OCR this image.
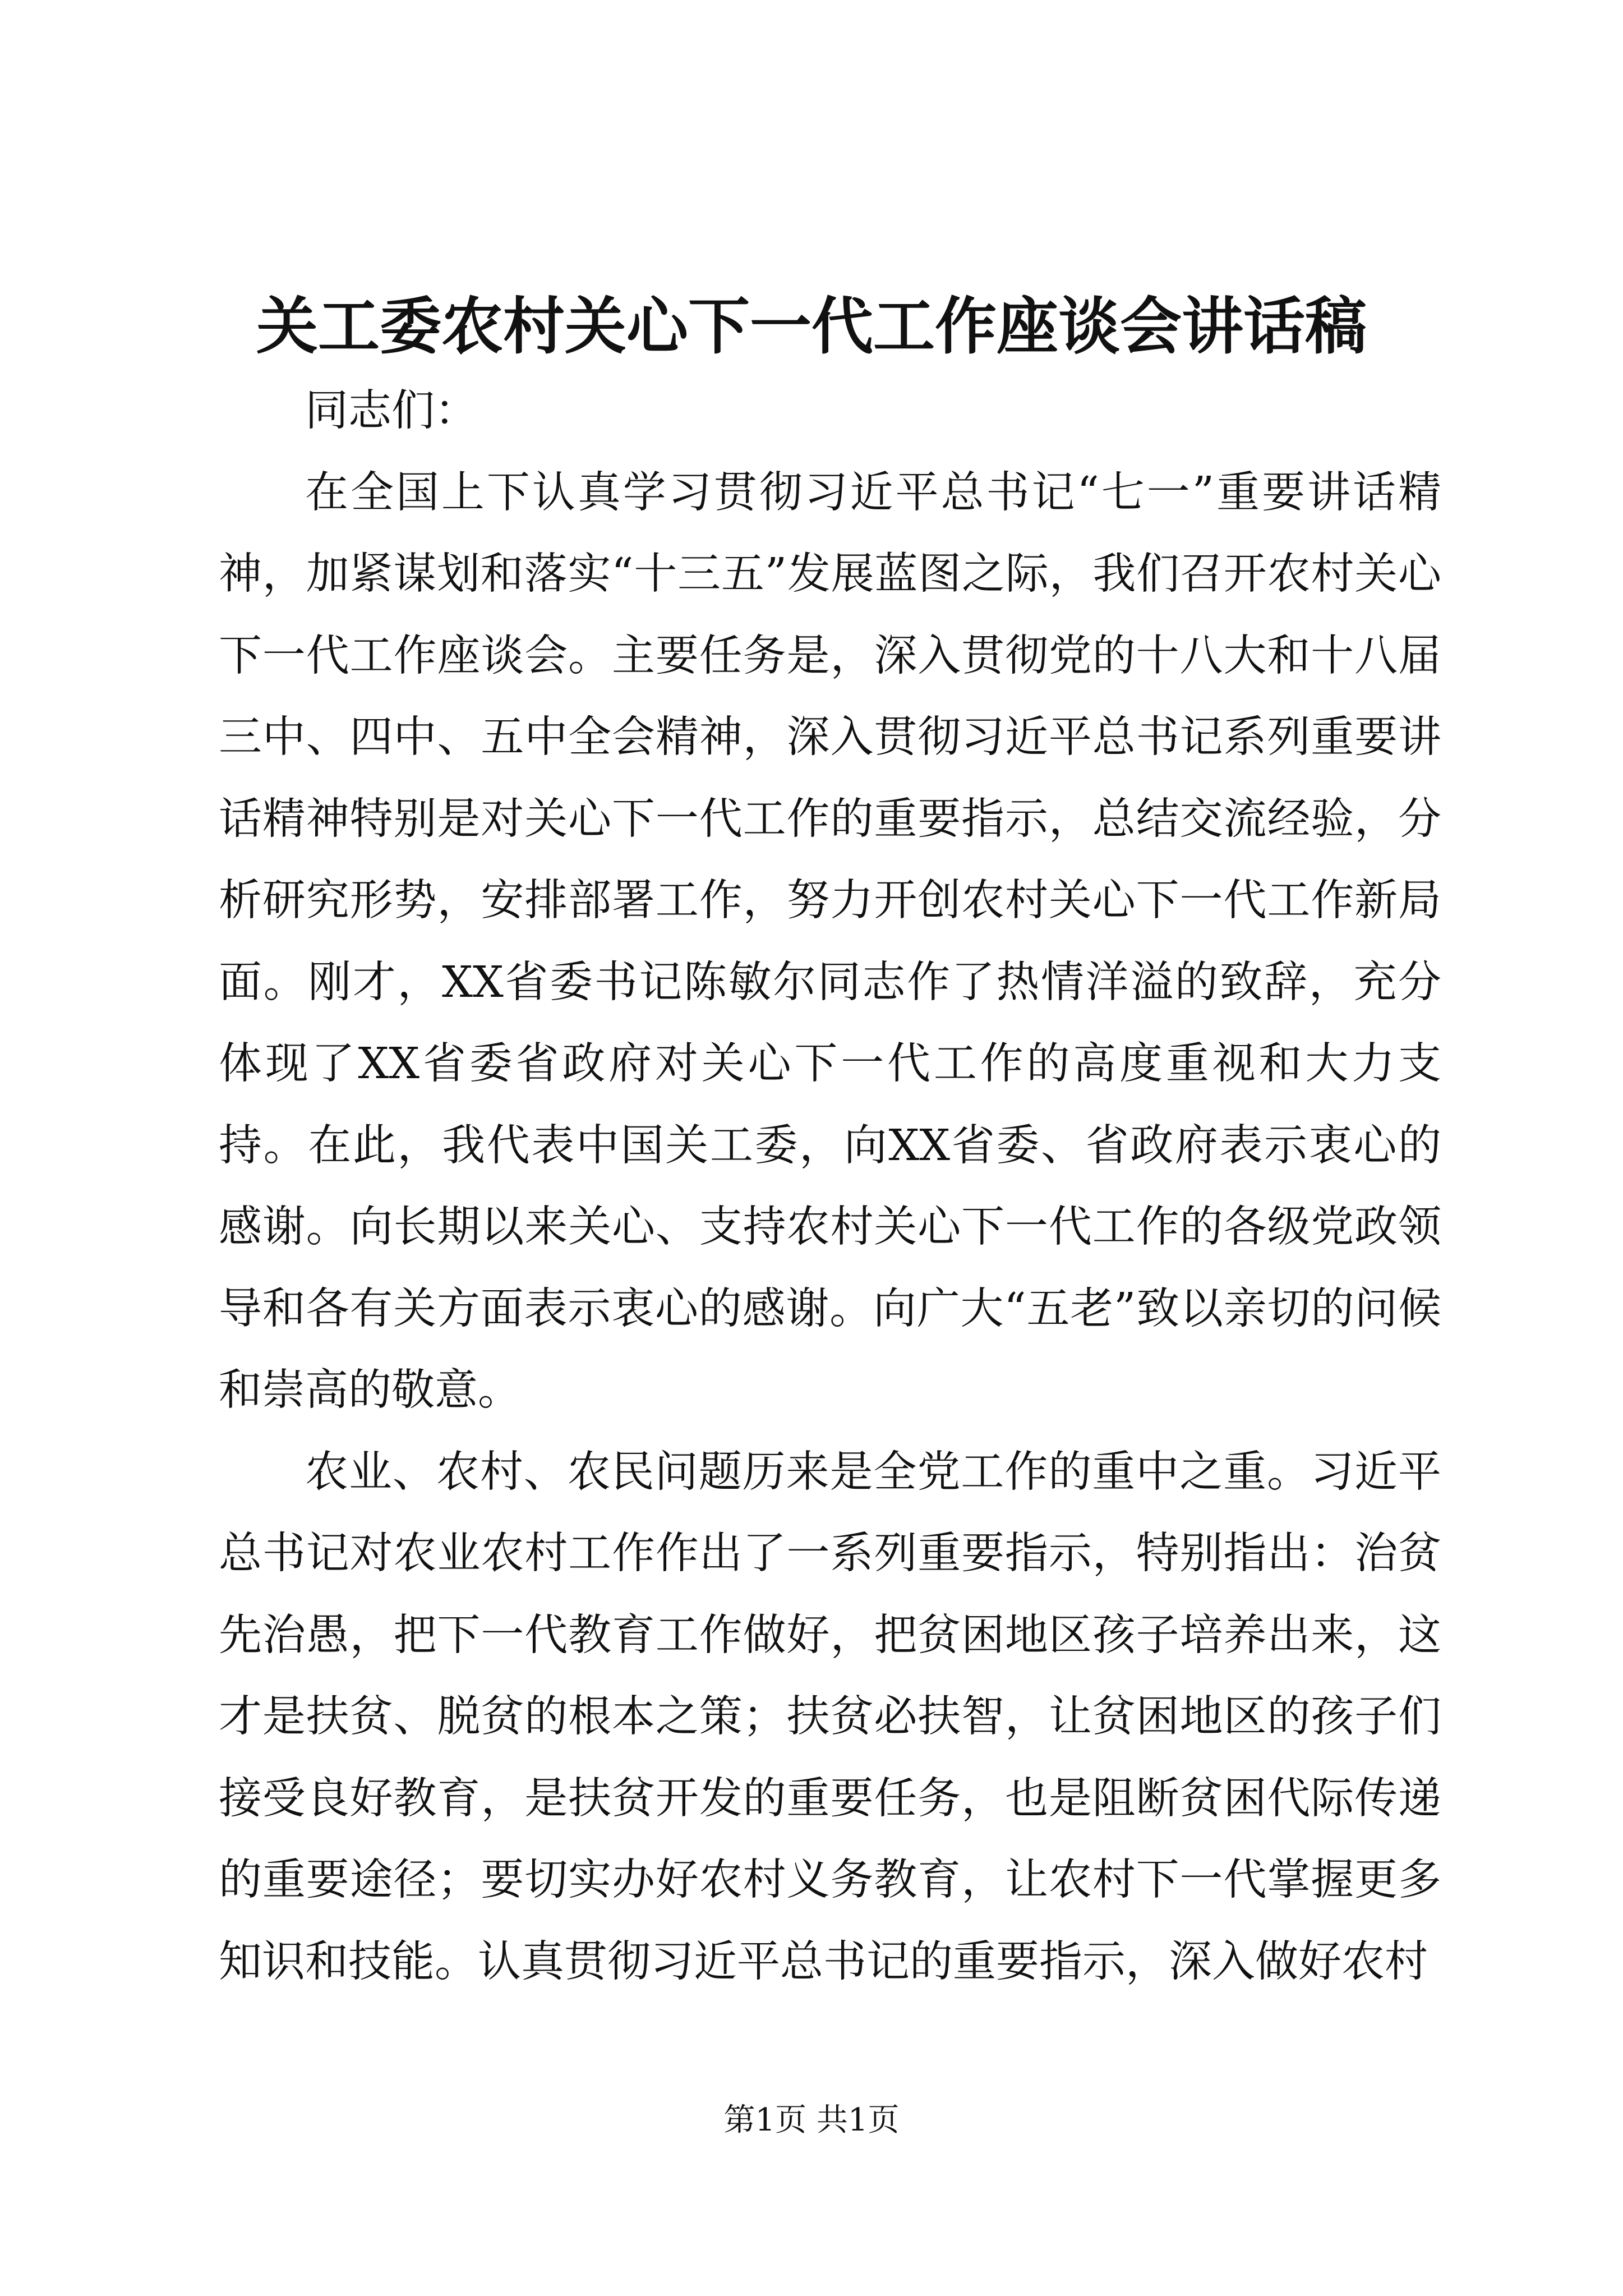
关工委农村关心下一代工作座谈会讲话稿

同志们：

在全国上下认真学习贯彻习近平总书记“七一”重要讲话精神，加紧谋划和落实“十三五”发展蓝图之际，我们召开农村关心下一代工作座谈会。主要任务是，深入贯彻党的十八大和十八届三中、四中、五中全会精神，深入贯彻习近平总书记系列重要讲话精神特别是对关心下一代工作的重要指示，总结交流经验，分析研究形势，安排部署工作，努力开创农村关心下一代工作新局面。刚才，XX省委书记陈敏尔同志作了热情洋溢的致辞，充分体现了XX省委省政府对关心下一代工作的高度重视和大力支持。在此，我代表中国关工委，向XX省委、省政府表示衷心的感谢。向长期以来关心、支持农村关心下一代工作的各级党政领导和各有关方面表示衷心的感谢。向广大“五老”致以亲切的问候和崇高的敬意。

农业、农村、农民问题历来是全党工作的重中之重。习近平总书记对农业农村工作作出了一系列重要指示，特别指出：治贫先治愚，把下一代教育工作做好，把贫困地区孩子培养出来，这才是扶贫、脱贫的根本之策；扶贫必扶智，让贫困地区的孩子们接受良好教育，是扶贫开发的重要任务，也是阻断贫困代际传递的重要途径；要切实办好农村义务教育，让农村下一代掌握更多知识和技能。认真贯彻习近平总书记的重要指示，深入做好农村

第1页 共1页
